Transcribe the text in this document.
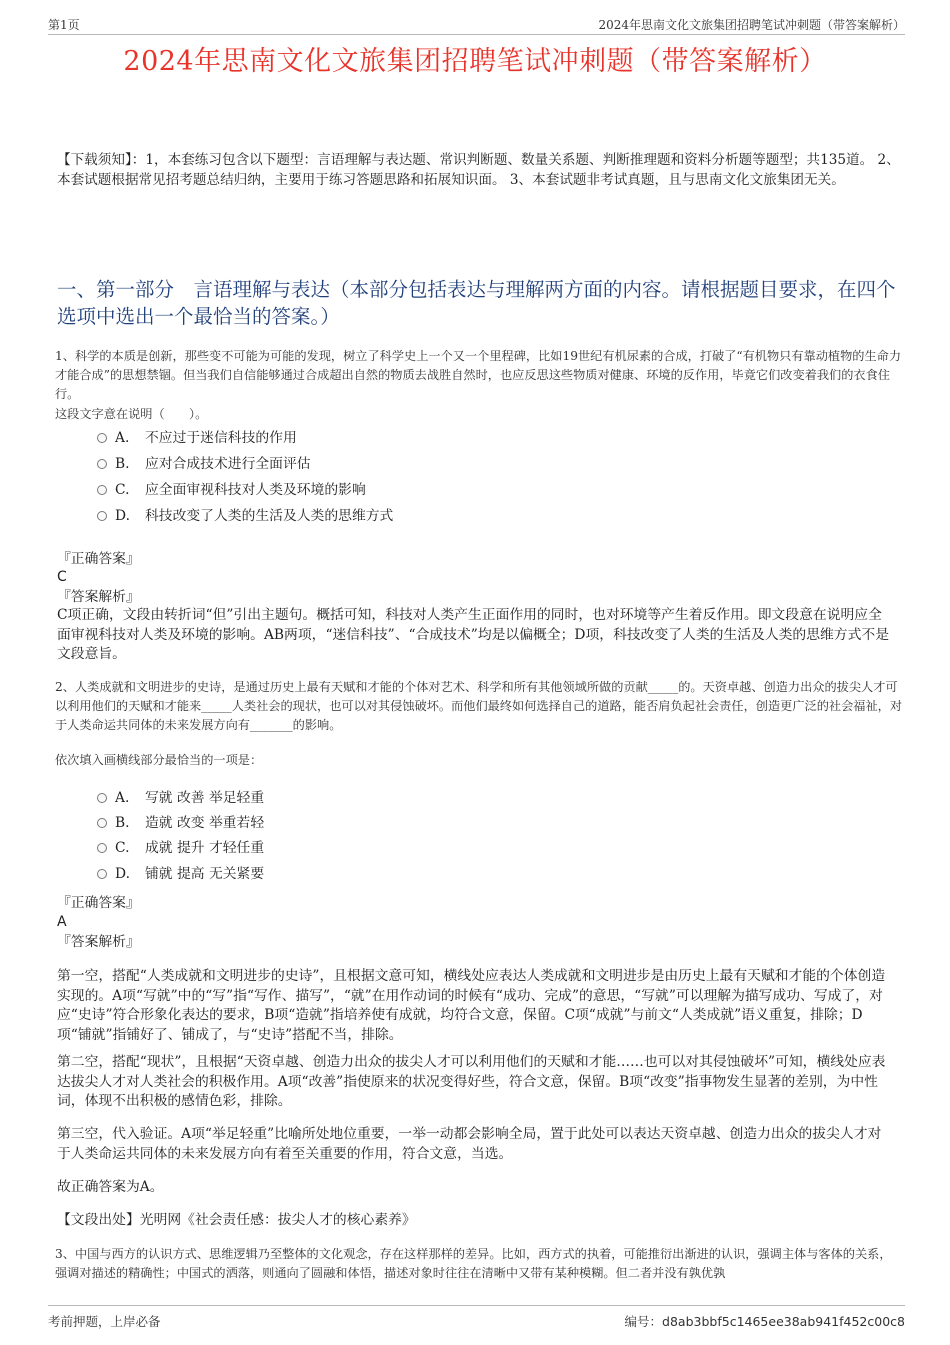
第1页	2024年思南文化文旅集团招聘笔试冲刺题（带答案解析）
2024年思南文化文旅集团招聘笔试冲刺题（带答案解析）
【下载须知】：1，本套练习包含以下题型：言语理解与表达题、常识判断题、数量关系题、判断推理题和资料分析题等题型；共135道。 2、本套试题根据常见招考题总结归纳，主要用于练习答题思路和拓展知识面。 3、本套试题非考试真题，且与思南文化文旅集团无关。
一、第一部分　言语理解与表达（本部分包括表达与理解两方面的内容。请根据题目要求，在四个选项中选出一个最恰当的答案。）
1、科学的本质是创新，那些变不可能为可能的发现，树立了科学史上一个又一个里程碑，比如19世纪有机尿素的合成，打破了“有机物只有靠动植物的生命力才能合成”的思想禁锢。但当我们自信能够通过合成超出自然的物质去战胜自然时，也应反思这些物质对健康、环境的反作用，毕竟它们改变着我们的衣食住行。
这段文字意在说明（　　）。
A. 不应过于迷信科技的作用
B. 应对合成技术进行全面评估
C. 应全面审视科技对人类及环境的影响
D. 科技改变了人类的生活及人类的思维方式
『正确答案』
C
『答案解析』
C项正确，文段由转折词“但”引出主题句。概括可知，科技对人类产生正面作用的同时，也对环境等产生着反作用。即文段意在说明应全面审视科技对人类及环境的影响。AB两项，“迷信科技”、“合成技术”均是以偏概全；D项，科技改变了人类的生活及人类的思维方式不是文段意旨。
2、人类成就和文明进步的史诗，是通过历史上最有天赋和才能的个体对艺术、科学和所有其他领域所做的贡献_____的。天资卓越、创造力出众的拔尖人才可以利用他们的天赋和才能来_____人类社会的现状，也可以对其侵蚀破坏。而他们最终如何选择自己的道路，能否肩负起社会责任，创造更广泛的社会福祉，对于人类命运共同体的未来发展方向有_______的影响。
依次填入画横线部分最恰当的一项是：
A. 写就 改善 举足轻重
B. 造就 改变 举重若轻
C. 成就 提升 才轻任重
D. 铺就 提高 无关紧要
『正确答案』
A
『答案解析』
第一空，搭配“人类成就和文明进步的史诗”，且根据文意可知，横线处应表达人类成就和文明进步是由历史上最有天赋和才能的个体创造实现的。A项“写就”中的“写”指“写作、描写”，“就”在用作动词的时候有“成功、完成”的意思，“写就”可以理解为描写成功、写成了，对应“史诗”符合形象化表达的要求，B项“造就”指培养使有成就，均符合文意，保留。C项“成就”与前文“人类成就”语义重复，排除；D项“铺就”指铺好了、铺成了，与“史诗”搭配不当，排除。
第二空，搭配“现状”，且根据“天资卓越、创造力出众的拔尖人才可以利用他们的天赋和才能……也可以对其侵蚀破坏”可知，横线处应表达拔尖人才对人类社会的积极作用。A项“改善”指使原来的状况变得好些，符合文意，保留。B项“改变”指事物发生显著的差别，为中性词，体现不出积极的感情色彩，排除。
第三空，代入验证。A项“举足轻重”比喻所处地位重要，一举一动都会影响全局，置于此处可以表达天资卓越、创造力出众的拔尖人才对于人类命运共同体的未来发展方向有着至关重要的作用，符合文意，当选。
故正确答案为A。
【文段出处】光明网《社会责任感：拔尖人才的核心素养》
3、中国与西方的认识方式、思维逻辑乃至整体的文化观念，存在这样那样的差异。比如，西方式的执着，可能推衍出渐进的认识，强调主体与客体的关系，强调对描述的精确性；中国式的洒落，则通向了圆融和体悟，描述对象时往往在清晰中又带有某种模糊。但二者并没有孰优孰
考前押题，上岸必备	编号：d8ab3bbf5c1465ee38ab941f452c00c8
